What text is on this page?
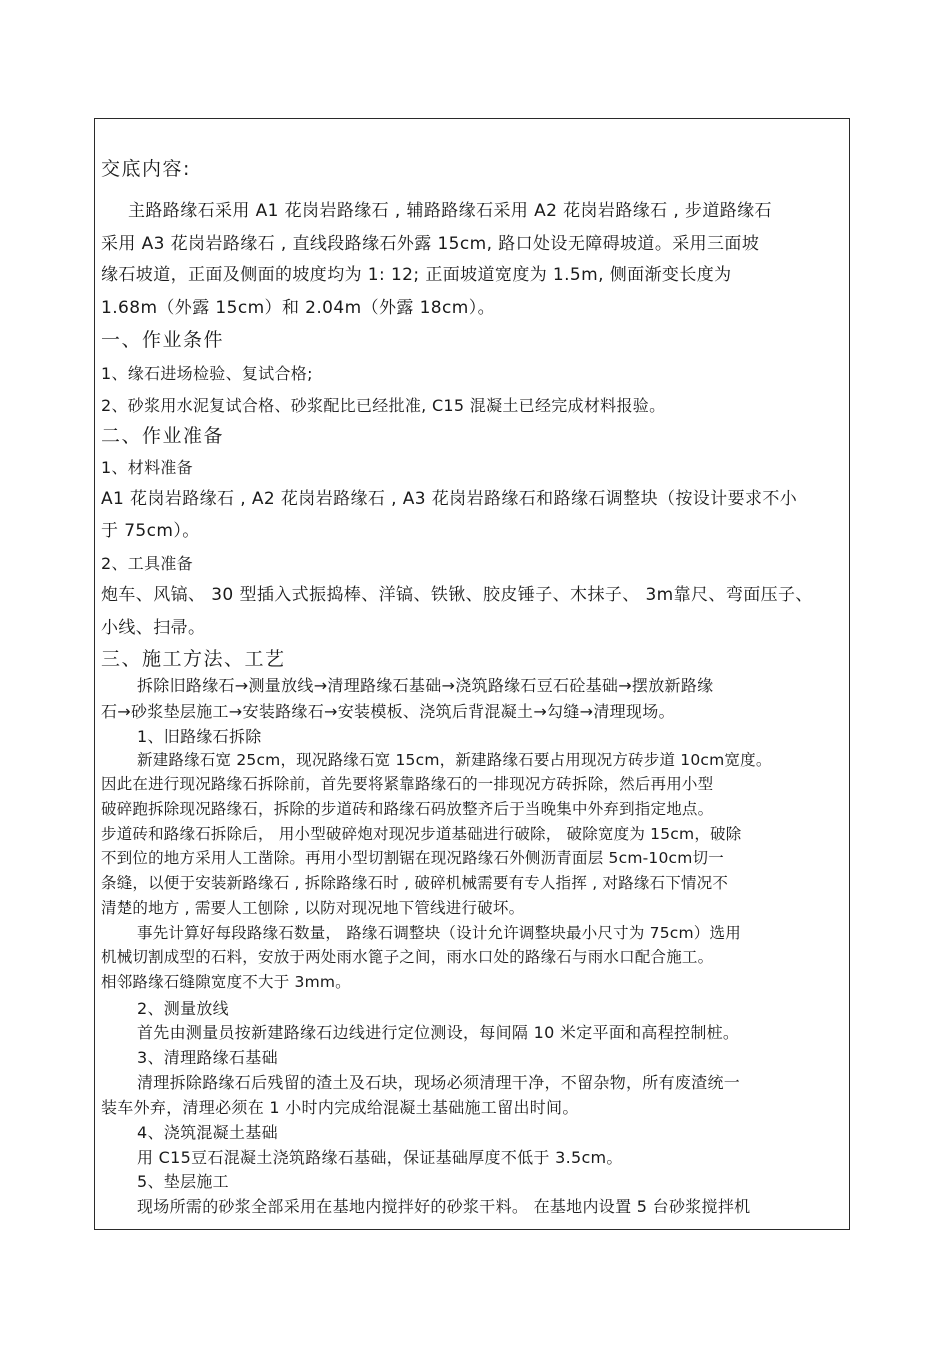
交底内容:
主路路缘石采用 A1 花岗岩路缘石 , 辅路路缘石采用 A2 花岗岩路缘石 , 步道路缘石
采用 A3 花岗岩路缘石 , 直线段路缘石外露 15cm, 路口处设无障碍坡道。采用三面坡
缘石坡道，正面及侧面的坡度均为 1: 12; 正面坡道宽度为 1.5m, 侧面渐变长度为
1.68m（外露 15cm）和 2.04m（外露 18cm）。
一、作业条件
1、缘石进场检验、复试合格;
2、砂浆用水泥复试合格、砂浆配比已经批准, C15 混凝土已经完成材料报验。
二、作业准备
1、材料准备
A1 花岗岩路缘石 , A2 花岗岩路缘石 , A3 花岗岩路缘石和路缘石调整块（按设计要求不小
于 75cm）。
2、工具准备
炮车、风镐、 30 型插入式振捣棒、洋镐、铁锹、胶皮锤子、木抹子、 3m靠尺、弯面压子、
小线、扫帚。
三、施工方法、工艺
拆除旧路缘石→测量放线→清理路缘石基础→浇筑路缘石豆石砼基础→摆放新路缘
石→砂浆垫层施工→安装路缘石→安装模板、浇筑后背混凝土→勾缝→清理现场。
1、旧路缘石拆除
新建路缘石宽 25cm，现况路缘石宽 15cm，新建路缘石要占用现况方砖步道 10cm宽度。
因此在进行现况路缘石拆除前，首先要将紧靠路缘石的一排现况方砖拆除，然后再用小型
破碎跑拆除现况路缘石，拆除的步道砖和路缘石码放整齐后于当晚集中外弃到指定地点。
步道砖和路缘石拆除后， 用小型破碎炮对现况步道基础进行破除， 破除宽度为 15cm，破除
不到位的地方采用人工凿除。再用小型切割锯在现况路缘石外侧沥青面层 5cm-10cm切一
条缝，以便于安装新路缘石 , 拆除路缘石时 , 破碎机械需要有专人指挥 , 对路缘石下情况不
清楚的地方 , 需要人工刨除 , 以防对现况地下管线进行破坏。
事先计算好每段路缘石数量， 路缘石调整块（设计允许调整块最小尺寸为 75cm）选用
机械切割成型的石料，安放于两处雨水篦子之间，雨水口处的路缘石与雨水口配合施工。
相邻路缘石缝隙宽度不大于 3mm。
2、测量放线
首先由测量员按新建路缘石边线进行定位测设，每间隔 10 米定平面和高程控制桩。
3、清理路缘石基础
清理拆除路缘石后残留的渣土及石块，现场必须清理干净，不留杂物，所有废渣统一
装车外弃，清理必须在 1 小时内完成给混凝土基础施工留出时间。
4、浇筑混凝土基础
用 C15豆石混凝土浇筑路缘石基础，保证基础厚度不低于 3.5cm。
5、垫层施工
现场所需的砂浆全部采用在基地内搅拌好的砂浆干料。 在基地内设置 5 台砂浆搅拌机
